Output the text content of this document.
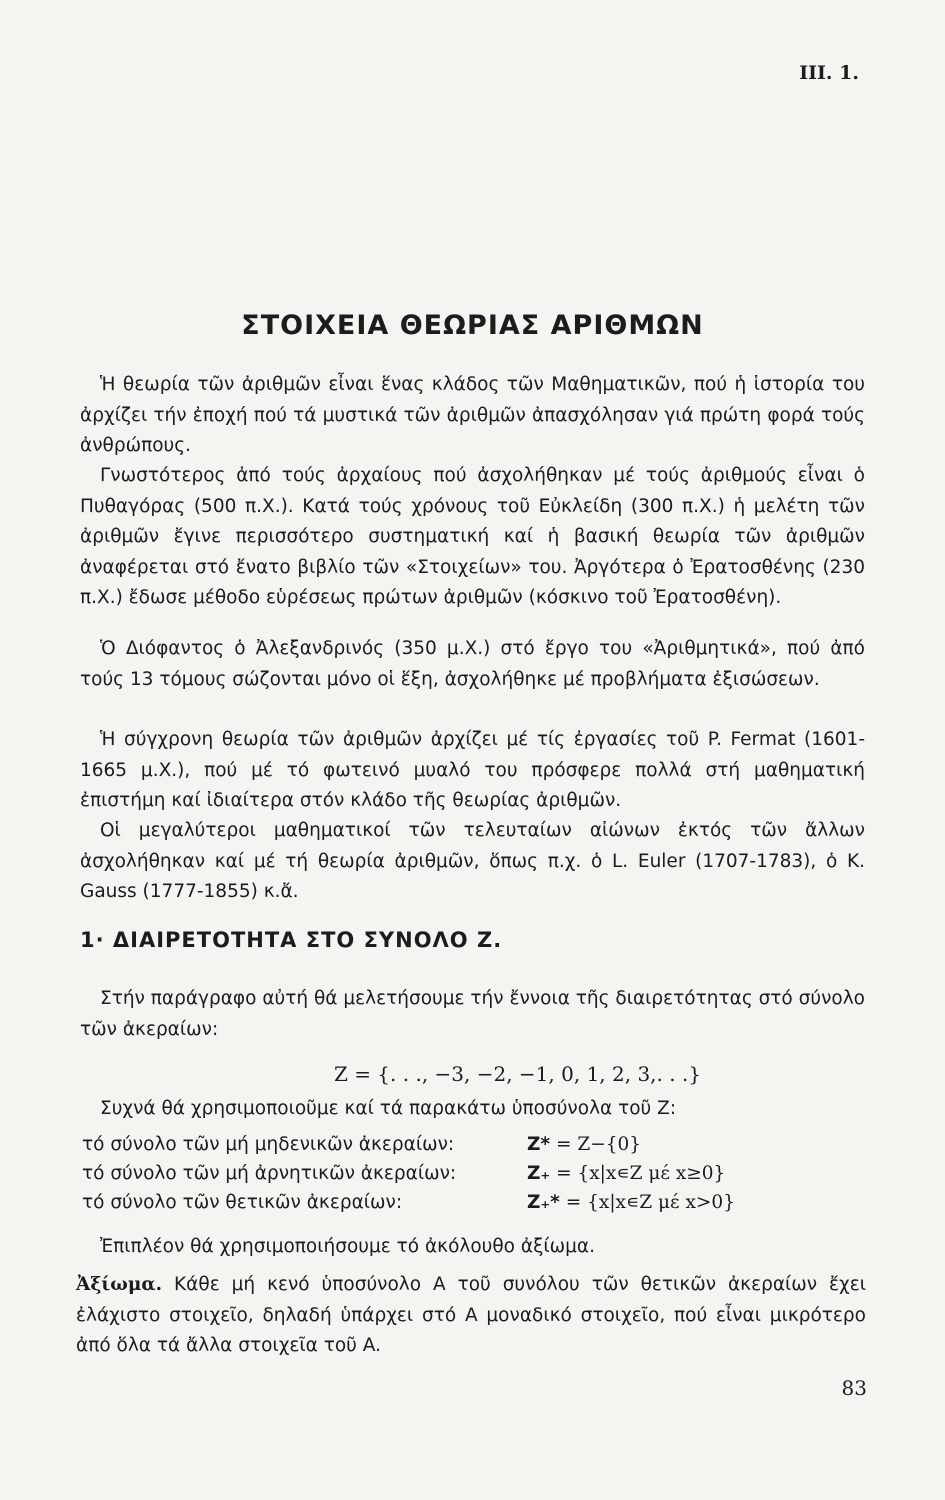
III. 1.
ΣΤΟΙΧΕΙΑ ΘΕΩΡΙΑΣ ΑΡΙΘΜΩΝ
Ἡ θεωρία τῶν ἀριθμῶν εἶναι ἕνας κλάδος τῶν Μαθηματικῶν, πού ἡ ἱστορία του ἀρχίζει τήν ἐποχή πού τά μυστικά τῶν ἀριθμῶν ἀπασχόλησαν γιά πρώτη φορά τούς ἀνθρώπους.
Γνωστότερος ἀπό τούς ἀρχαίους πού ἀσχολήθηκαν μέ τούς ἀριθμούς εἶναι ὁ Πυθαγόρας (500 π.Χ.). Κατά τούς χρόνους τοῦ Εὐκλείδη (300 π.Χ.) ἡ μελέτη τῶν ἀριθμῶν ἔγινε περισσότερο συστηματική καί ἡ βασική θεωρία τῶν ἀριθμῶν ἀναφέρεται στό ἔνατο βιβλίο τῶν «Στοιχείων» του. Ἀργότερα ὁ Ἐρατοσθένης (230 π.Χ.) ἔδωσε μέθοδο εὑρέσεως πρώτων ἀριθμῶν (κόσκινο τοῦ Ἐρατοσθένη).
Ὁ Διόφαντος ὁ Ἀλεξανδρινός (350 μ.Χ.) στό ἔργο του «Ἀριθμητικά», πού ἀπό τούς 13 τόμους σώζονται μόνο οἱ ἕξη, ἀσχολήθηκε μέ προβλήματα ἐξισώσεων.
Ἡ σύγχρονη θεωρία τῶν ἀριθμῶν ἀρχίζει μέ τίς ἐργασίες τοῦ P. Fermat (1601-1665 μ.Χ.), πού μέ τό φωτεινό μυαλό του πρόσφερε πολλά στή μαθηματική ἐπιστήμη καί ἰδιαίτερα στόν κλάδο τῆς θεωρίας ἀριθμῶν.
Οἱ μεγαλύτεροι μαθηματικοί τῶν τελευταίων αἰώνων ἐκτός τῶν ἄλλων ἀσχολήθηκαν καί μέ τή θεωρία ἀριθμῶν, ὅπως π.χ. ὁ L. Euler (1707-1783), ὁ K. Gauss (1777-1855) κ.ἄ.
1· ΔΙΑΙΡΕΤΟΤΗΤΑ ΣΤΟ ΣΥΝΟΛΟ Ζ.
Στήν παράγραφο αὐτή θά μελετήσουμε τήν ἔννοια τῆς διαιρετότητας στό σύνολο τῶν ἀκεραίων:
Z = {. . ., −3, −2, −1, 0, 1, 2, 3,. . .}
Συχνά θά χρησιμοποιοῦμε καί τά παρακάτω ὑποσύνολα τοῦ Z:
τό σύνολο τῶν μή μηδενικῶν ἀκεραίων:	Z* = Z−{0}
τό σύνολο τῶν μή ἀρνητικῶν ἀκεραίων:	Z₊ = {x|x∊Z μέ x≥0}
τό σύνολο τῶν θετικῶν ἀκεραίων:	Z₊* = {x|x∊Z μέ x>0}
Ἐπιπλέον θά χρησιμοποιήσουμε τό ἀκόλουθο ἀξίωμα.
Ἀξίωμα. Κάθε μή κενό ὑποσύνολο A τοῦ συνόλου τῶν θετικῶν ἀκεραίων ἔχει ἐλάχιστο στοιχεῖο, δηλαδή ὑπάρχει στό A μοναδικό στοιχεῖο, πού εἶναι μικρότερο ἀπό ὅλα τά ἄλλα στοιχεῖα τοῦ A.
83
